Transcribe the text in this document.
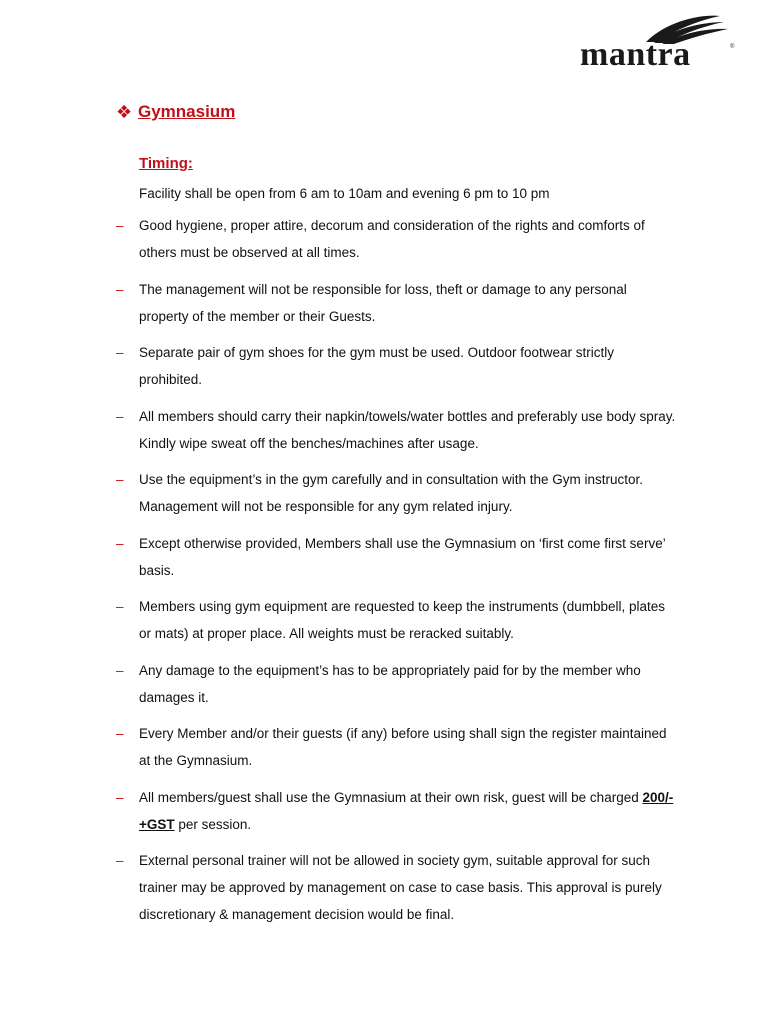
mantra	®
❖ Gymnasium
Timing:
Facility shall be open from 6 am to 10am and evening 6 pm to 10 pm
–	Good hygiene, proper attire, decorum and consideration of the rights and comforts of others must be observed at all times.
–	The management will not be responsible for loss, theft or damage to any personal property of the member or their Guests.
–	Separate pair of gym shoes for the gym must be used. Outdoor footwear strictly prohibited.
–	All members should carry their napkin/towels/water bottles and preferably use body spray. Kindly wipe sweat off the benches/machines after usage.
–	Use the equipment’s in the gym carefully and in consultation with the Gym instructor. Management will not be responsible for any gym related injury.
–	Except otherwise provided, Members shall use the Gymnasium on ‘first come first serve’ basis.
–	Members using gym equipment are requested to keep the instruments (dumbbell, plates or mats) at proper place. All weights must be reracked suitably.
–	Any damage to the equipment’s has to be appropriately paid for by the member who damages it.
–	Every Member and/or their guests (if any) before using shall sign the register maintained at the Gymnasium.
–	All members/guest shall use the Gymnasium at their own risk, guest will be charged 200/- +GST per session.
–	External personal trainer will not be allowed in society gym, suitable approval for such trainer may be approved by management on case to case basis. This approval is purely discretionary & management decision would be final.
